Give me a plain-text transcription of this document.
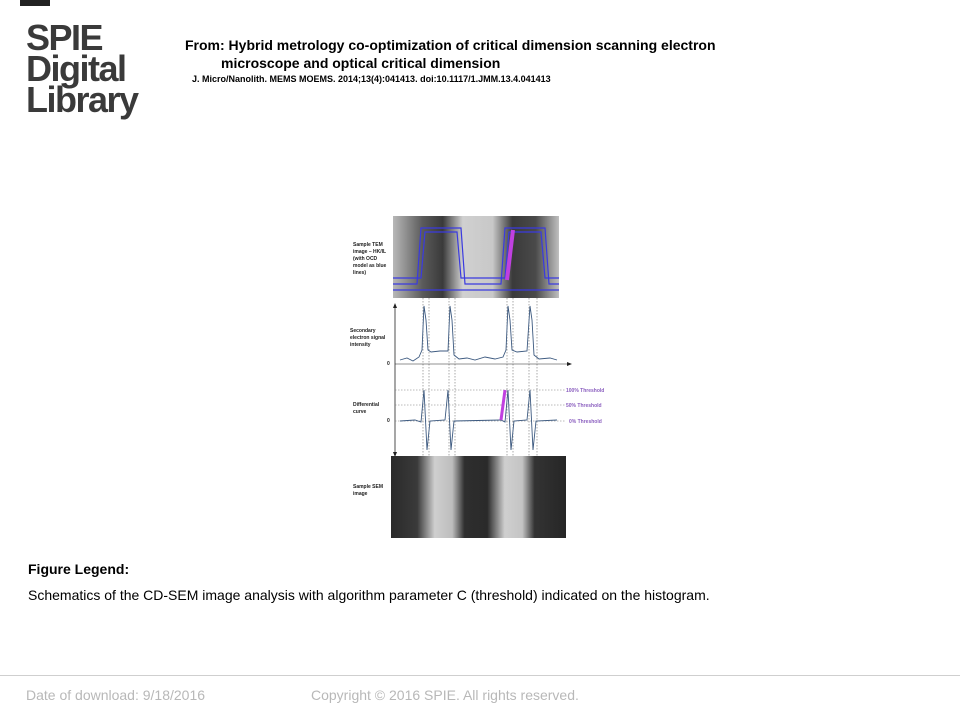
SPIE
Digital
Library
From: Hybrid metrology co-optimization of critical dimension scanning electron
microscope and optical critical dimension
J. Micro/Nanolith. MEMS MOEMS. 2014;13(4):041413. doi:10.1117/1.JMM.13.4.041413
Sample TEM image – HK/IL (with OCD model as blue lines)
Secondary electron signal intensity
0
Differential curve
0
100% Threshold
50% Threshold
0% Threshold
Sample SEM image
Figure Legend:
Schematics of the CD-SEM image analysis with algorithm parameter C (threshold) indicated on the histogram.
Date of download: 9/18/2016	Copyright © 2016 SPIE. All rights reserved.
